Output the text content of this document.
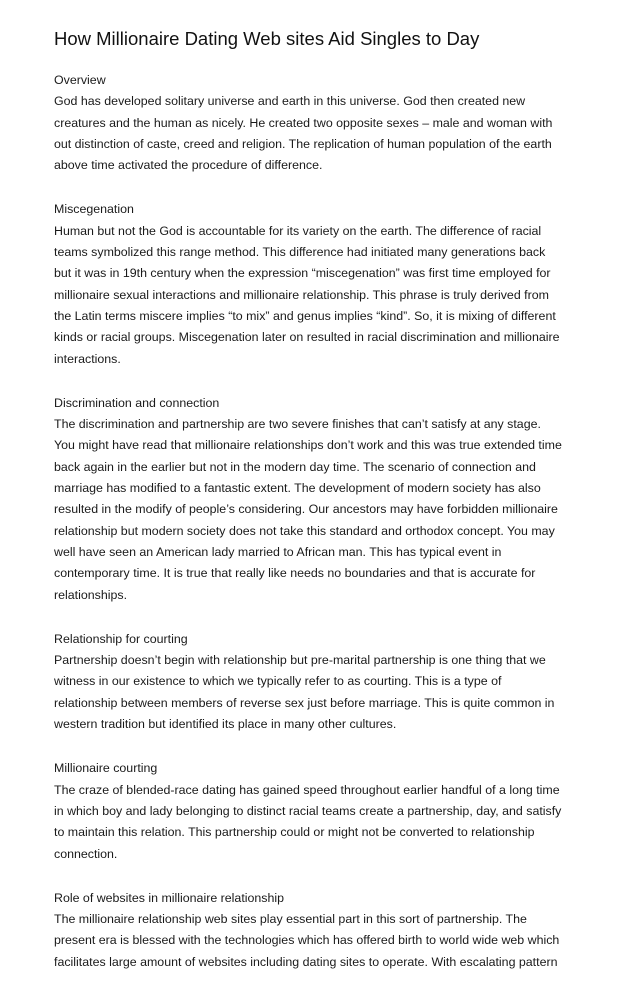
How Millionaire Dating Web sites Aid Singles to Day

Overview

God has developed solitary universe and earth in this universe. God then created new
creatures and the human as nicely. He created two opposite sexes – male and woman with
out distinction of caste, creed and religion. The replication of human population of the earth
above time activated the procedure of difference.

Miscegenation

Human but not the God is accountable for its variety on the earth. The difference of racial
teams symbolized this range method. This difference had initiated many generations back
but it was in 19th century when the expression “miscegenation” was first time employed for
millionaire sexual interactions and millionaire relationship. This phrase is truly derived from
the Latin terms miscere implies “to mix” and genus implies “kind”. So, it is mixing of different
kinds or racial groups. Miscegenation later on resulted in racial discrimination and millionaire
interactions.

Discrimination and connection

The discrimination and partnership are two severe finishes that can’t satisfy at any stage.
You might have read that millionaire relationships don’t work and this was true extended time
back again in the earlier but not in the modern day time. The scenario of connection and
marriage has modified to a fantastic extent. The development of modern society has also
resulted in the modify of people’s considering. Our ancestors may have forbidden millionaire
relationship but modern society does not take this standard and orthodox concept. You may
well have seen an American lady married to African man. This has typical event in
contemporary time. It is true that really like needs no boundaries and that is accurate for
relationships.

Relationship for courting

Partnership doesn’t begin with relationship but pre-marital partnership is one thing that we
witness in our existence to which we typically refer to as courting. This is a type of
relationship between members of reverse sex just before marriage. This is quite common in
western tradition but identified its place in many other cultures.

Millionaire courting

The craze of blended-race dating has gained speed throughout earlier handful of a long time
in which boy and lady belonging to distinct racial teams create a partnership, day, and satisfy
to maintain this relation. This partnership could or might not be converted to relationship
connection.

Role of websites in millionaire relationship

The millionaire relationship web sites play essential part in this sort of partnership. The
present era is blessed with the technologies which has offered birth to world wide web which
facilitates large amount of websites including dating sites to operate. With escalating pattern
